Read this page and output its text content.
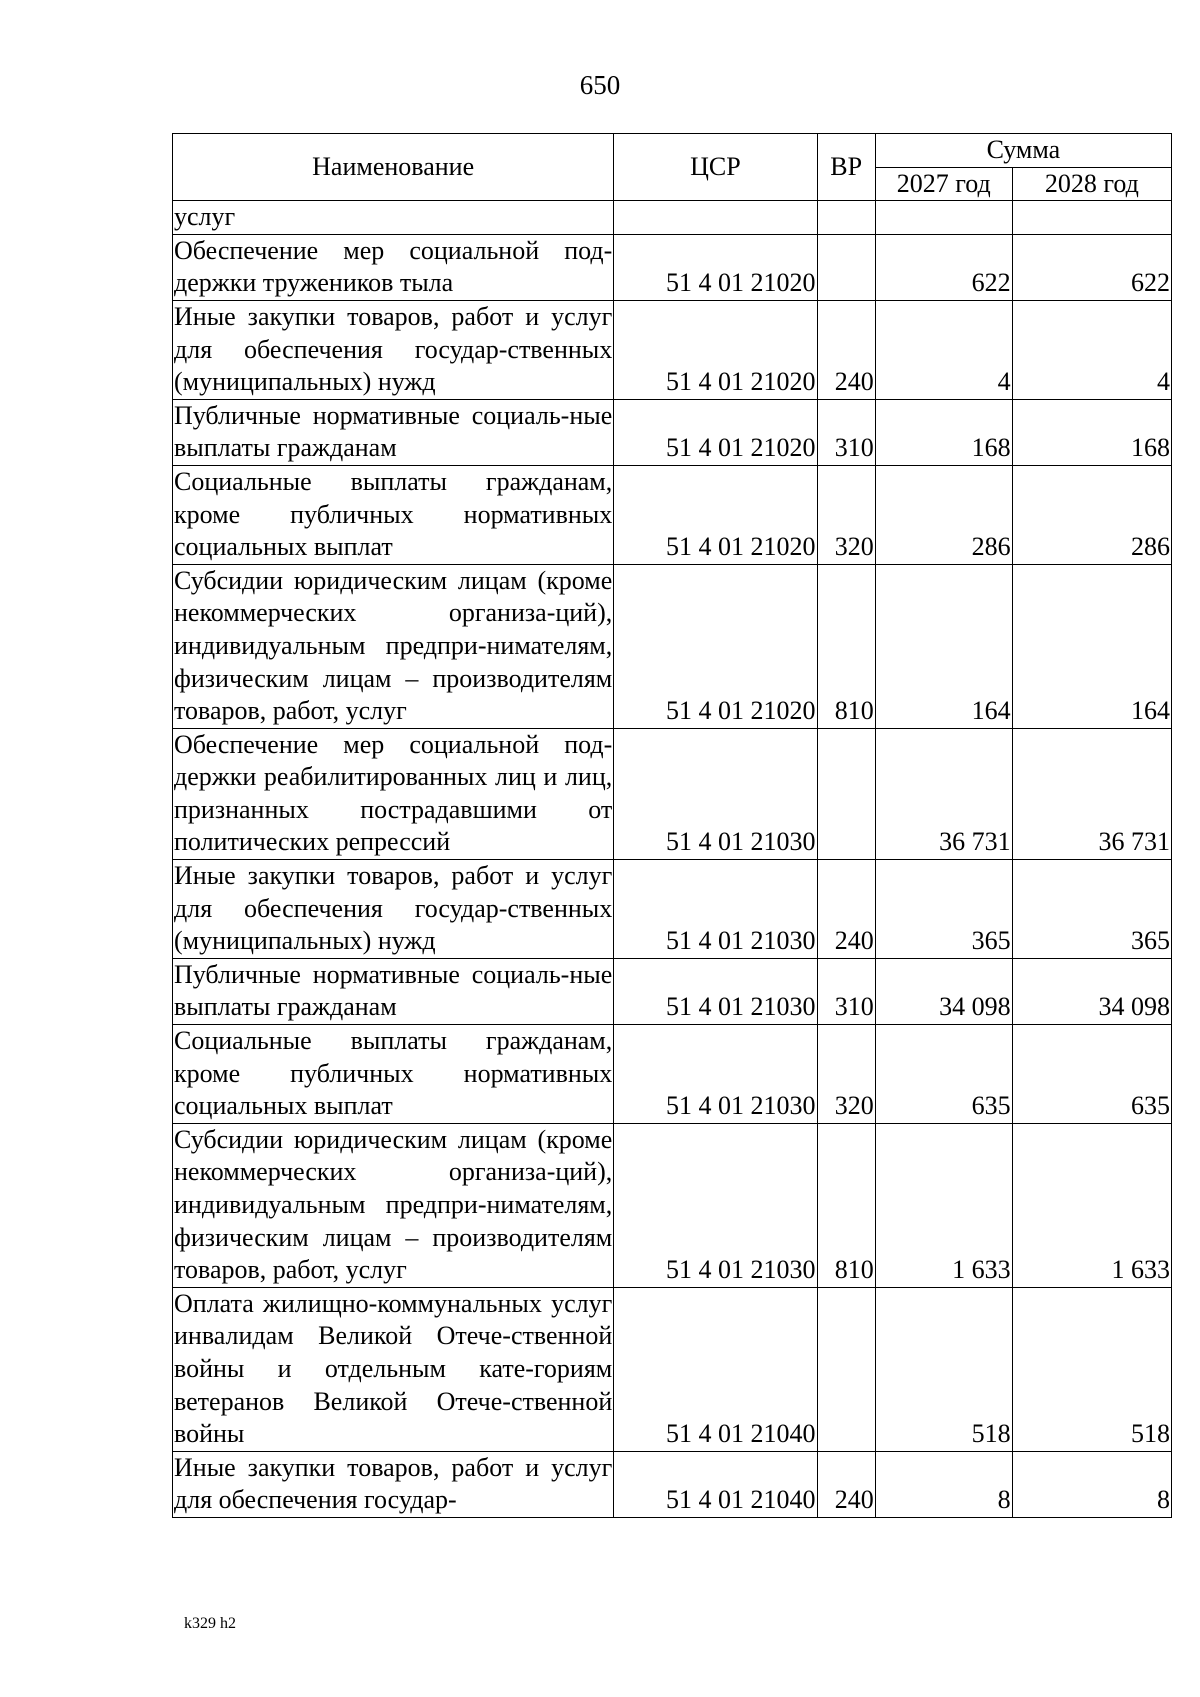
650
Наименование	ЦСР	ВР	Сумма	
			2027 год	2028 год
услуг				
Обеспечение мер социальной под-держки тружеников тыла	51 4 01 21020		622	622
Иные закупки товаров, работ и услуг для обеспечения государ-ственных (муниципальных) нужд	51 4 01 21020	240	4	4
Публичные нормативные социаль-ные выплаты гражданам	51 4 01 21020	310	168	168
Социальные выплаты гражданам, кроме публичных нормативных социальных выплат	51 4 01 21020	320	286	286
Субсидии юридическим лицам (кроме некоммерческих организа-ций), индивидуальным предпри-нимателям, физическим лицам – производителям товаров, работ, услуг	51 4 01 21020	810	164	164
Обеспечение мер социальной под-держки реабилитированных лиц и лиц, признанных пострадавшими от политических репрессий	51 4 01 21030		36 731	36 731
Иные закупки товаров, работ и услуг для обеспечения государ-ственных (муниципальных) нужд	51 4 01 21030	240	365	365
Публичные нормативные социаль-ные выплаты гражданам	51 4 01 21030	310	34 098	34 098
Социальные выплаты гражданам, кроме публичных нормативных социальных выплат	51 4 01 21030	320	635	635
Субсидии юридическим лицам (кроме некоммерческих организа-ций), индивидуальным предпри-нимателям, физическим лицам – производителям товаров, работ, услуг	51 4 01 21030	810	1 633	1 633
Оплата жилищно-коммунальных услуг инвалидам Великой Отече-ственной войны и отдельным кате-гориям ветеранов Великой Отече-ственной войны	51 4 01 21040		518	518
Иные закупки товаров, работ и услуг для обеспечения государ-	51 4 01 21040	240	8	8
k329 h2
